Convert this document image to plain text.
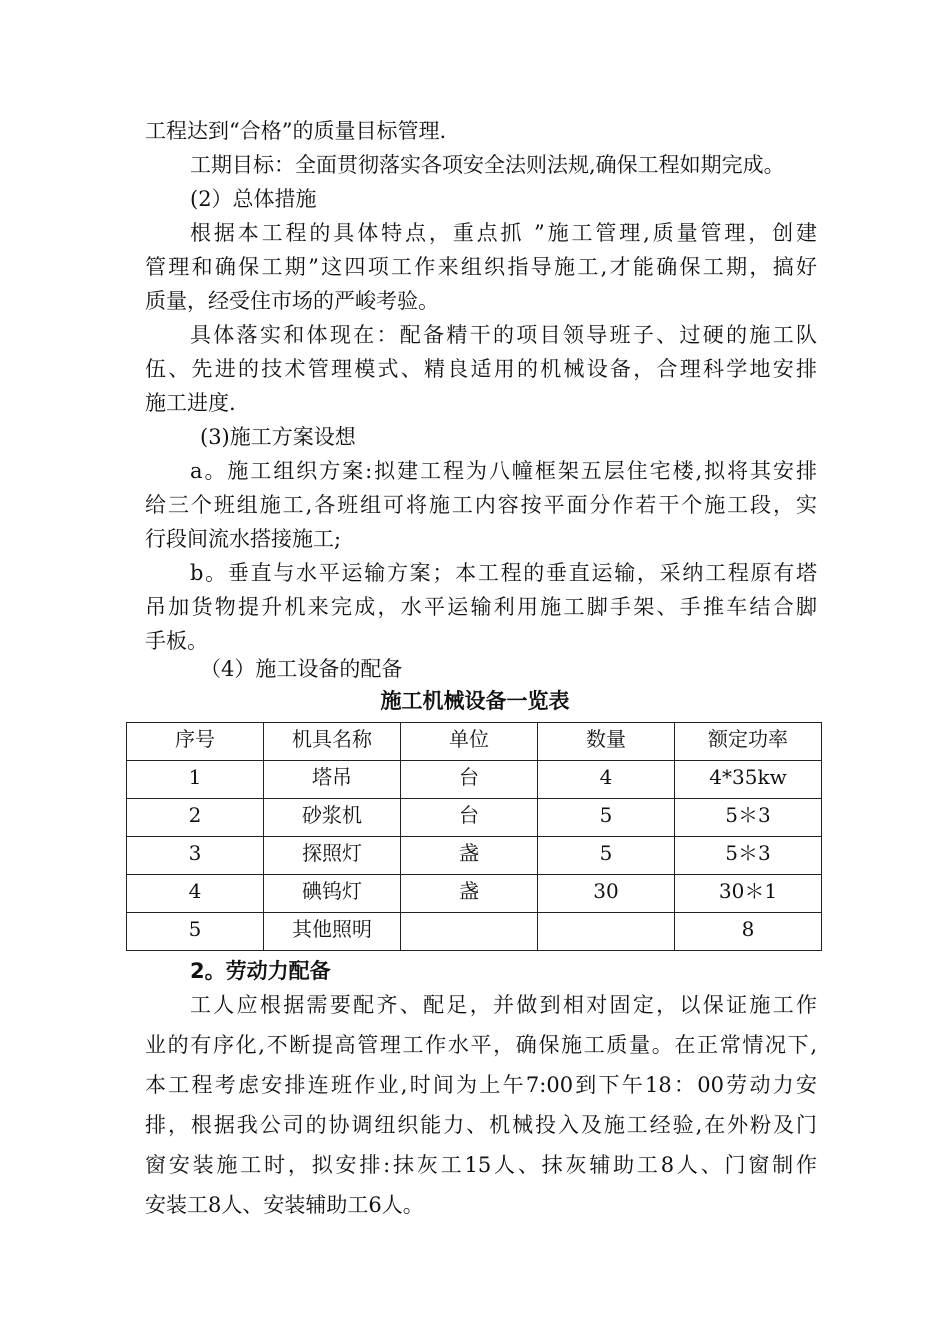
工程达到“合格”的质量目标管理.
工期目标：全面贯彻落实各项安全法则法规,确保工程如期完成。
(2）总体措施
根据本工程的具体特点，重点抓 ”施工管理,质量管理，创建
管理和确保工期”这四项工作来组织指导施工,才能确保工期，搞好
质量，经受住市场的严峻考验。
具体落实和体现在：配备精干的项目领导班子、过硬的施工队
伍、先进的技术管理模式、精良适用的机械设备，合理科学地安排
施工进度.
(3)施工方案设想
a。施工组织方案:拟建工程为八幢框架五层住宅楼,拟将其安排
给三个班组施工,各班组可将施工内容按平面分作若干个施工段，实
行段间流水搭接施工;
b。垂直与水平运输方案；本工程的垂直运输，采纳工程原有塔
吊加货物提升机来完成，水平运输利用施工脚手架、手推车结合脚
手板。
（4）施工设备的配备
施工机械设备一览表
序号	机具名称	单位	数量	额定功率
1	塔吊	台	4	4*35kw
2	砂浆机	台	5	5＊3
3	探照灯	盏	5	5＊3
4	碘钨灯	盏	30	30＊1
5	其他照明			8
2。劳动力配备
工人应根据需要配齐、配足，并做到相对固定，以保证施工作
业的有序化,不断提高管理工作水平，确保施工质量。在正常情况下,
本工程考虑安排连班作业,时间为上午7:00到下午18：00劳动力安
排，根据我公司的协调纽织能力、机械投入及施工经验,在外粉及门
窗安装施工时，拟安排:抹灰工15人、抹灰辅助工8人、门窗制作
安装工8人、安装辅助工6人。
